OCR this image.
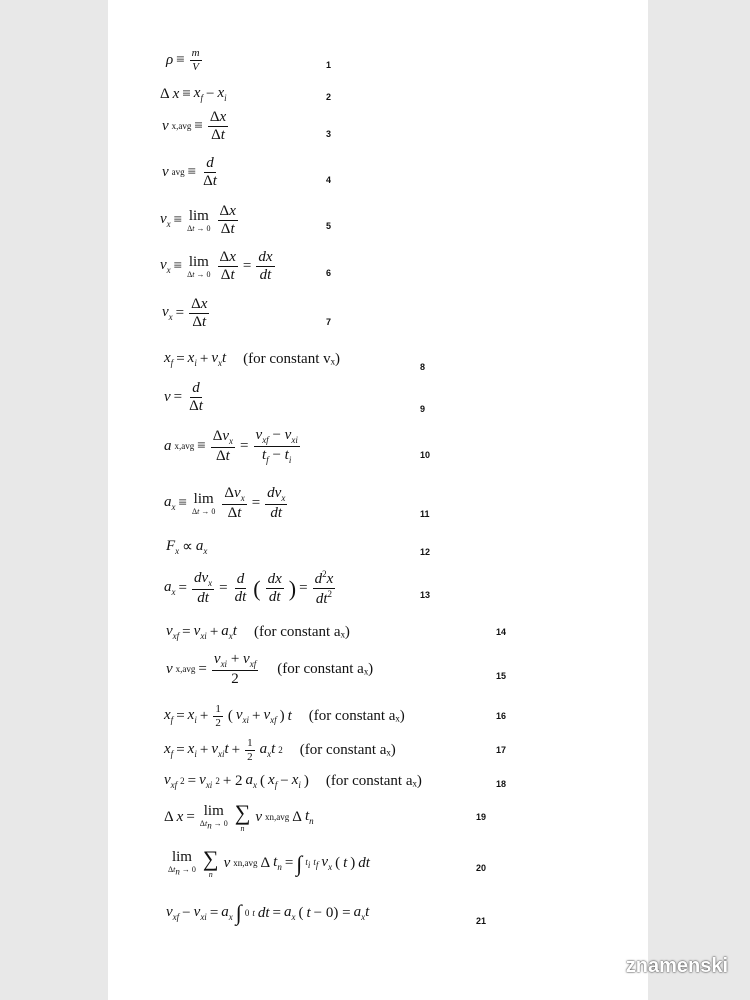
$\rho \equiv \frac{m}{V}$	1
Δ $x \equiv x_f - x_i$	2
v $x,avg \equiv \frac{\Delta x}{\Delta t}$	3
v avg ≡ $\frac{d}{\Delta t}$	4
$v_x \equiv \lim$
$\Delta t \to 0 \frac{\Delta x}{\Delta t}$	5
$v_x \equiv \lim$
$\Delta t \to 0 \frac{\Delta x}{\Delta t} = \frac{dx}{dt}$	6
$v_x = \frac{\Delta x}{\Delta t}$	7
$x_f = x_i + v_xt$ (for constant vₓ)	8
$v = \frac{d}{\Delta t}$	9
a $x,avg \equiv \frac{\Delta v_x}{\Delta t} = \frac{v_{xf} - v_{xi}}{t_f - t_i}$	10
$a_x \equiv \lim$
$\Delta t \to 0 \frac{\Delta v_x}{\Delta t} = \frac{dv_x}{dt}$	11
$F_x \propto a_x$	12
$a_x = \frac{dv_x}{dt} = \frac{d}{dt}$ ( $\frac{dx}{dt}$ ) = $\frac{d^2x}{dt^2}$	13
$v_{xf} = v_{xi} + a_xt$ (for constant aₓ)	14
v $x,avg = \frac{v_{xi} + v_{xf}}{2} (for$ constant aₓ)	15
$x_f = x_i + \frac{1}{2}$ ( $v_{xi} + v_{xf}$ ) t (for constant aₓ)	16
$x_f = x_i + v_{xi}t + \frac{1}{2} a_xt$ 2 (for constant aₓ)	17
$v_{xf}$ $2 = v_{xi}$ 2 + 2 $a_x$ ( $x_f - x_i$ ) (for constant aₓ)	18
Δ x = lim
$\Delta t_n \to 0$ ∑
n
v xn,avg Δ $t_n$	19
lim
$\Delta t_n \to 0$ ∑
n
v xn,avg Δ $t_n$ = ∫ $t_i$ $t_f$ $v_x$ ( t ) dt	20
$v_{xf} - v_{xi} = a_x$ ∫ 0 t dt = $a_x$ ( $t - 0) = a_xt$
21
znamenski
